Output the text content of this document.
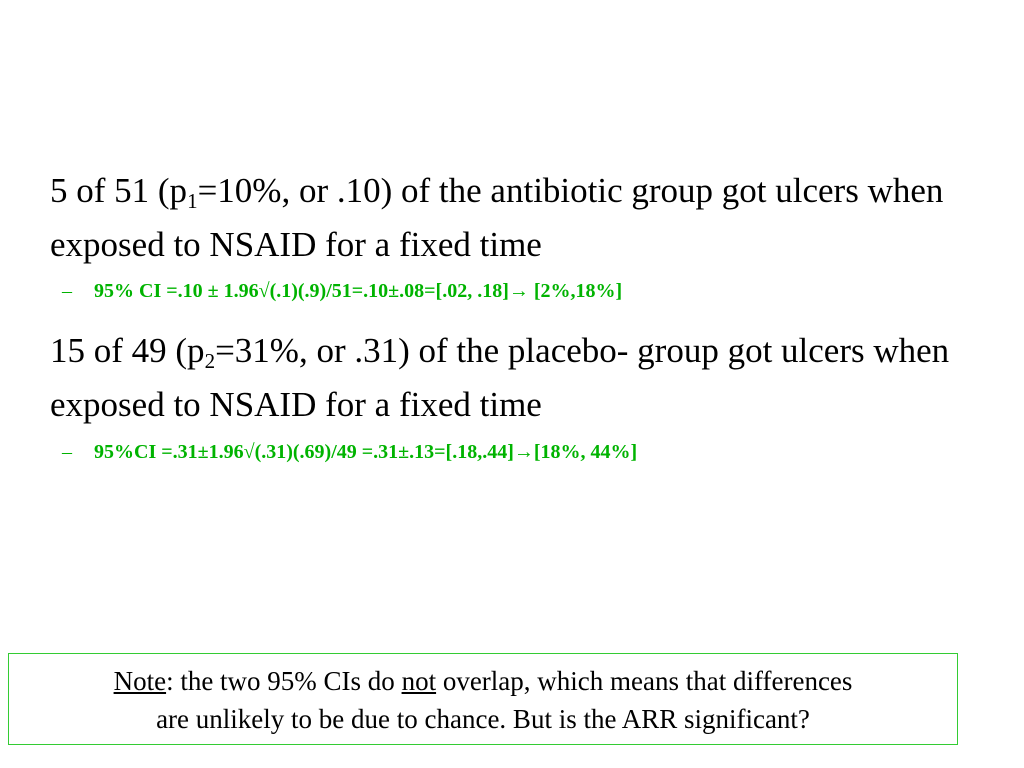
5 of 51 ($p_1=10\%$, or .10) of the antibiotic group got ulcers when exposed to NSAID for a fixed time

– 95% CI =.10 ± 1.96√(.1)(.9)/51=.10±.08=[.02, .18]→ [2%,18%]

15 of 49 ($p_2=31\%$, or .31) of the placebo- group got ulcers when exposed to NSAID for a fixed time

– 95%CI =.31±1.96√(.31)(.69)/49 =.31±.13=[.18,.44]→[18%, 44%]
Note: the two 95% CIs do not overlap, which means that differences
are unlikely to be due to chance. But is the ARR significant?
